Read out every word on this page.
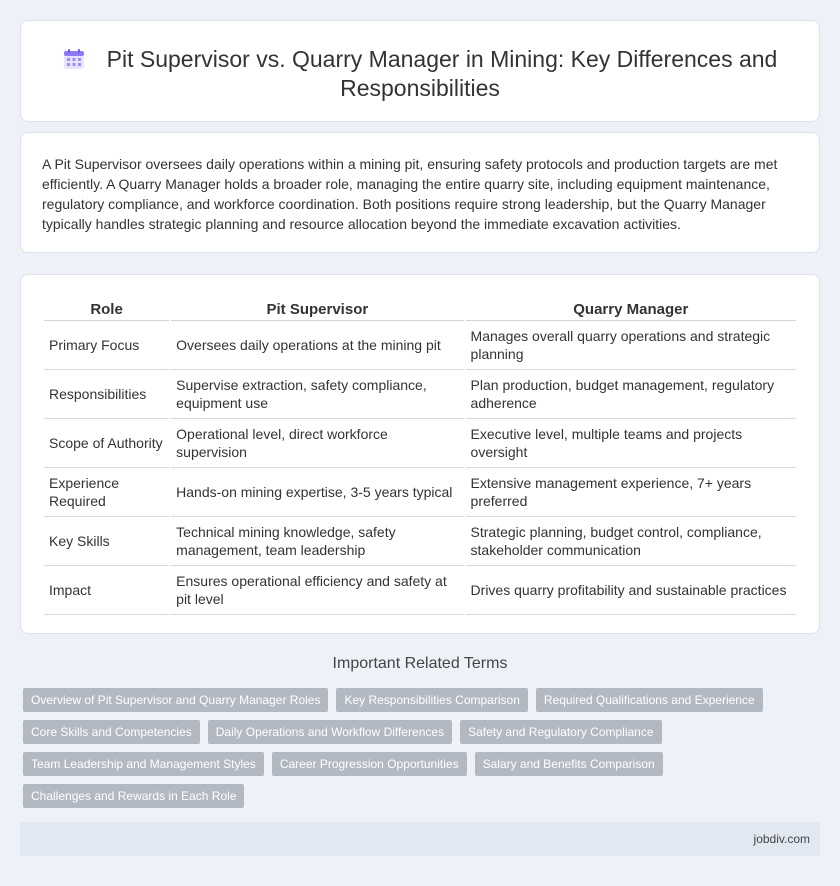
Pit Supervisor vs. Quarry Manager in Mining: Key Differences and Responsibilities

A Pit Supervisor oversees daily operations within a mining pit, ensuring safety protocols and production targets are met efficiently. A Quarry Manager holds a broader role, managing the entire quarry site, including equipment maintenance, regulatory compliance, and workforce coordination. Both positions require strong leadership, but the Quarry Manager typically handles strategic planning and resource allocation beyond the immediate excavation activities.

Role	Pit Supervisor	Quarry Manager
Primary Focus	Oversees daily operations at the mining pit	Manages overall quarry operations and strategic planning
Responsibilities	Supervise extraction, safety compliance, equipment use	Plan production, budget management, regulatory adherence
Scope of Authority	Operational level, direct workforce supervision	Executive level, multiple teams and projects oversight
Experience Required	Hands-on mining expertise, 3-5 years typical	Extensive management experience, 7+ years preferred
Key Skills	Technical mining knowledge, safety management, team leadership	Strategic planning, budget control, compliance, stakeholder communication
Impact	Ensures operational efficiency and safety at pit level	Drives quarry profitability and sustainable practices
Important Related Terms
Overview of Pit Supervisor and Quarry Manager Roles	Key Responsibilities Comparison	Required Qualifications and Experience
Core Skills and Competencies	Daily Operations and Workflow Differences	Safety and Regulatory Compliance
Team Leadership and Management Styles	Career Progression Opportunities	Salary and Benefits Comparison
Challenges and Rewards in Each Role
jobdiv.com
